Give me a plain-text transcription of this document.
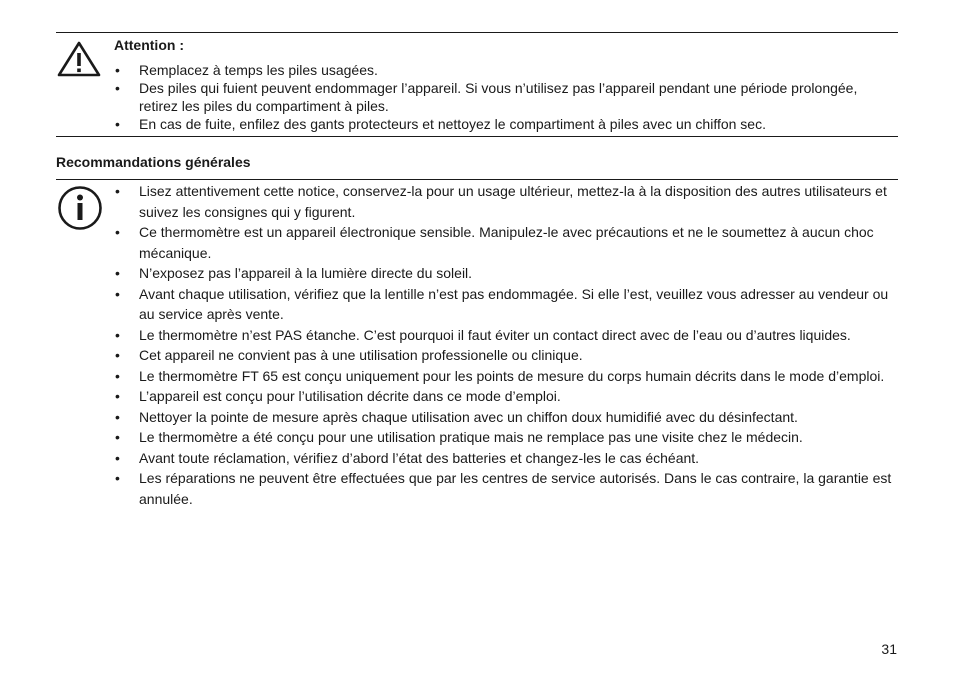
Attention :
• Remplacez à temps les piles usagées.
• Des piles qui fuient peuvent endommager l’appareil. Si vous n’utilisez pas l’appareil pendant une période prolongée, retirez les piles du compartiment à piles.
• En cas de fuite, enfilez des gants protecteurs et nettoyez le compartiment à piles avec un chiffon sec.
Recommandations générales
• Lisez attentivement cette notice, conservez-la pour un usage ultérieur, mettez-la à la disposition des autres utilisateurs et suivez les consignes qui y figurent.
• Ce thermomètre est un appareil électronique sensible. Manipulez-le avec précautions et ne le soumettez à aucun choc mécanique.
• N’exposez pas l’appareil à la lumière directe du soleil.
• Avant chaque utilisation, vérifiez que la lentille n’est pas endommagée. Si elle l’est, veuillez vous adresser au vendeur ou au service après vente.
• Le thermomètre n’est PAS étanche. C’est pourquoi il faut éviter un contact direct avec de l’eau ou d’autres liquides.
• Cet appareil ne convient pas à une utilisation professionelle ou clinique.
• Le thermomètre FT 65 est conçu uniquement pour les points de mesure du corps humain décrits dans le mode d’emploi.
• L’appareil est conçu pour l’utilisation décrite dans ce mode d’emploi.
• Nettoyer la pointe de mesure après chaque utilisation avec un chiffon doux humidifié avec du désinfectant.
• Le thermomètre a été conçu pour une utilisation pratique mais ne remplace pas une visite chez le médecin.
• Avant toute réclamation, vérifiez d’abord l’état des batteries et changez-les le cas échéant.
• Les réparations ne peuvent être effectuées que par les centres de service autorisés. Dans le cas contraire, la garantie est annulée.
31
